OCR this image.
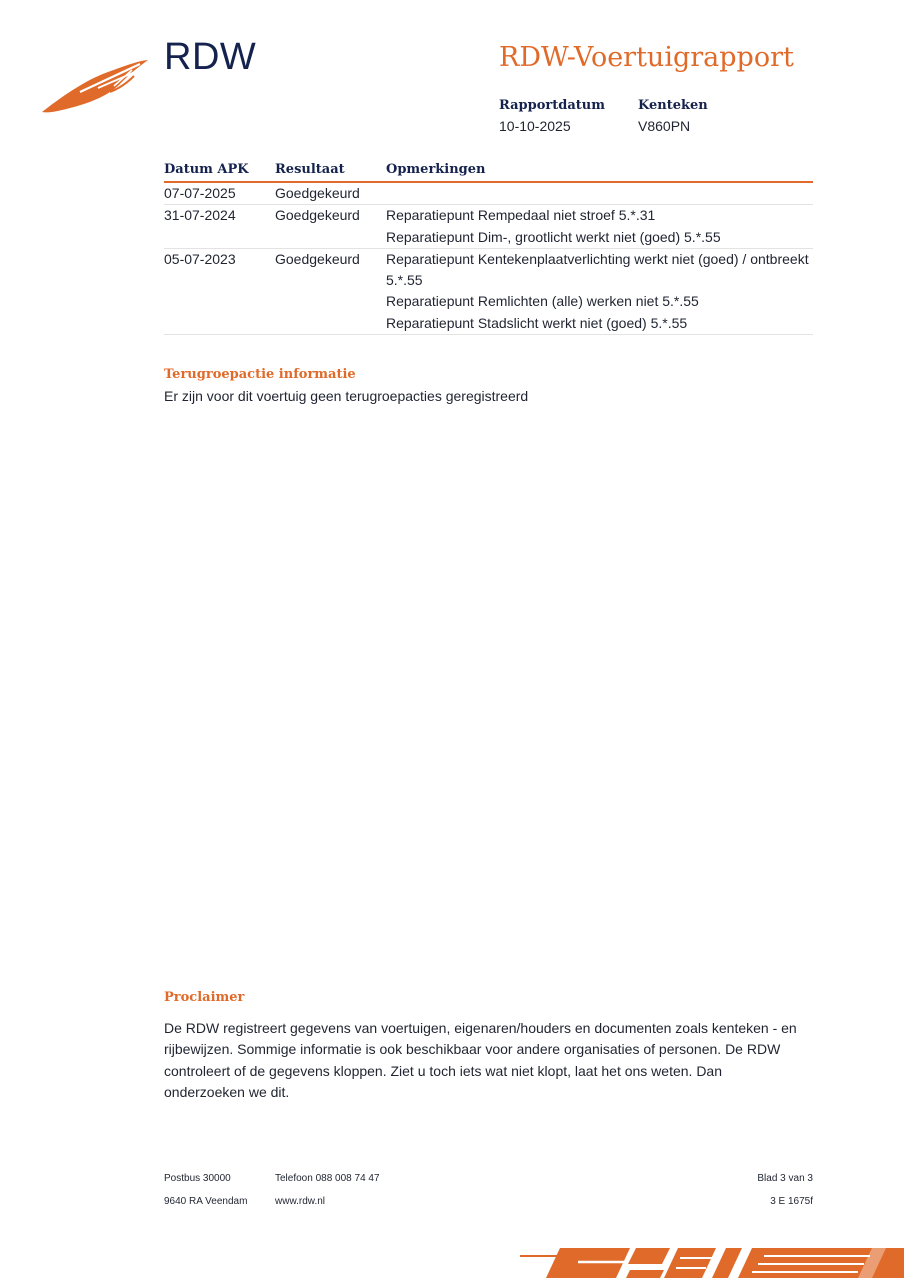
RDW	RDW-Voertuigrapport
Rapportdatum
10-10-2025
Kenteken
V860PN
Datum APK	Resultaat	Opmerkingen
07-07-2025	Goedgekeurd	
31-07-2024	Goedgekeurd	Reparatiepunt Rempedaal niet stroef 5.*.31
Reparatiepunt Dim-, grootlicht werkt niet (goed) 5.*.55

05-07-2023	Goedgekeurd	Reparatiepunt Kentekenplaatverlichting werkt niet (goed) / ontbreekt 5.*.55
Reparatiepunt Remlichten (alle) werken niet 5.*.55
Reparatiepunt Stadslicht werkt niet (goed) 5.*.55
Terugroepactie informatie
Er zijn voor dit voertuig geen terugroepacties geregistreerd
Proclaimer
De RDW registreert gegevens van voertuigen, eigenaren/houders en documenten zoals kenteken - en rijbewijzen. Sommige informatie is ook beschikbaar voor andere organisaties of personen. De RDW controleert of de gegevens kloppen. Ziet u toch iets wat niet klopt, laat het ons weten. Dan onderzoeken we dit.
Postbus 30000
9640 RA Veendam
Telefoon 088 008 74 47
www.rdw.nl
Blad 3 van 3
3 E 1675f
